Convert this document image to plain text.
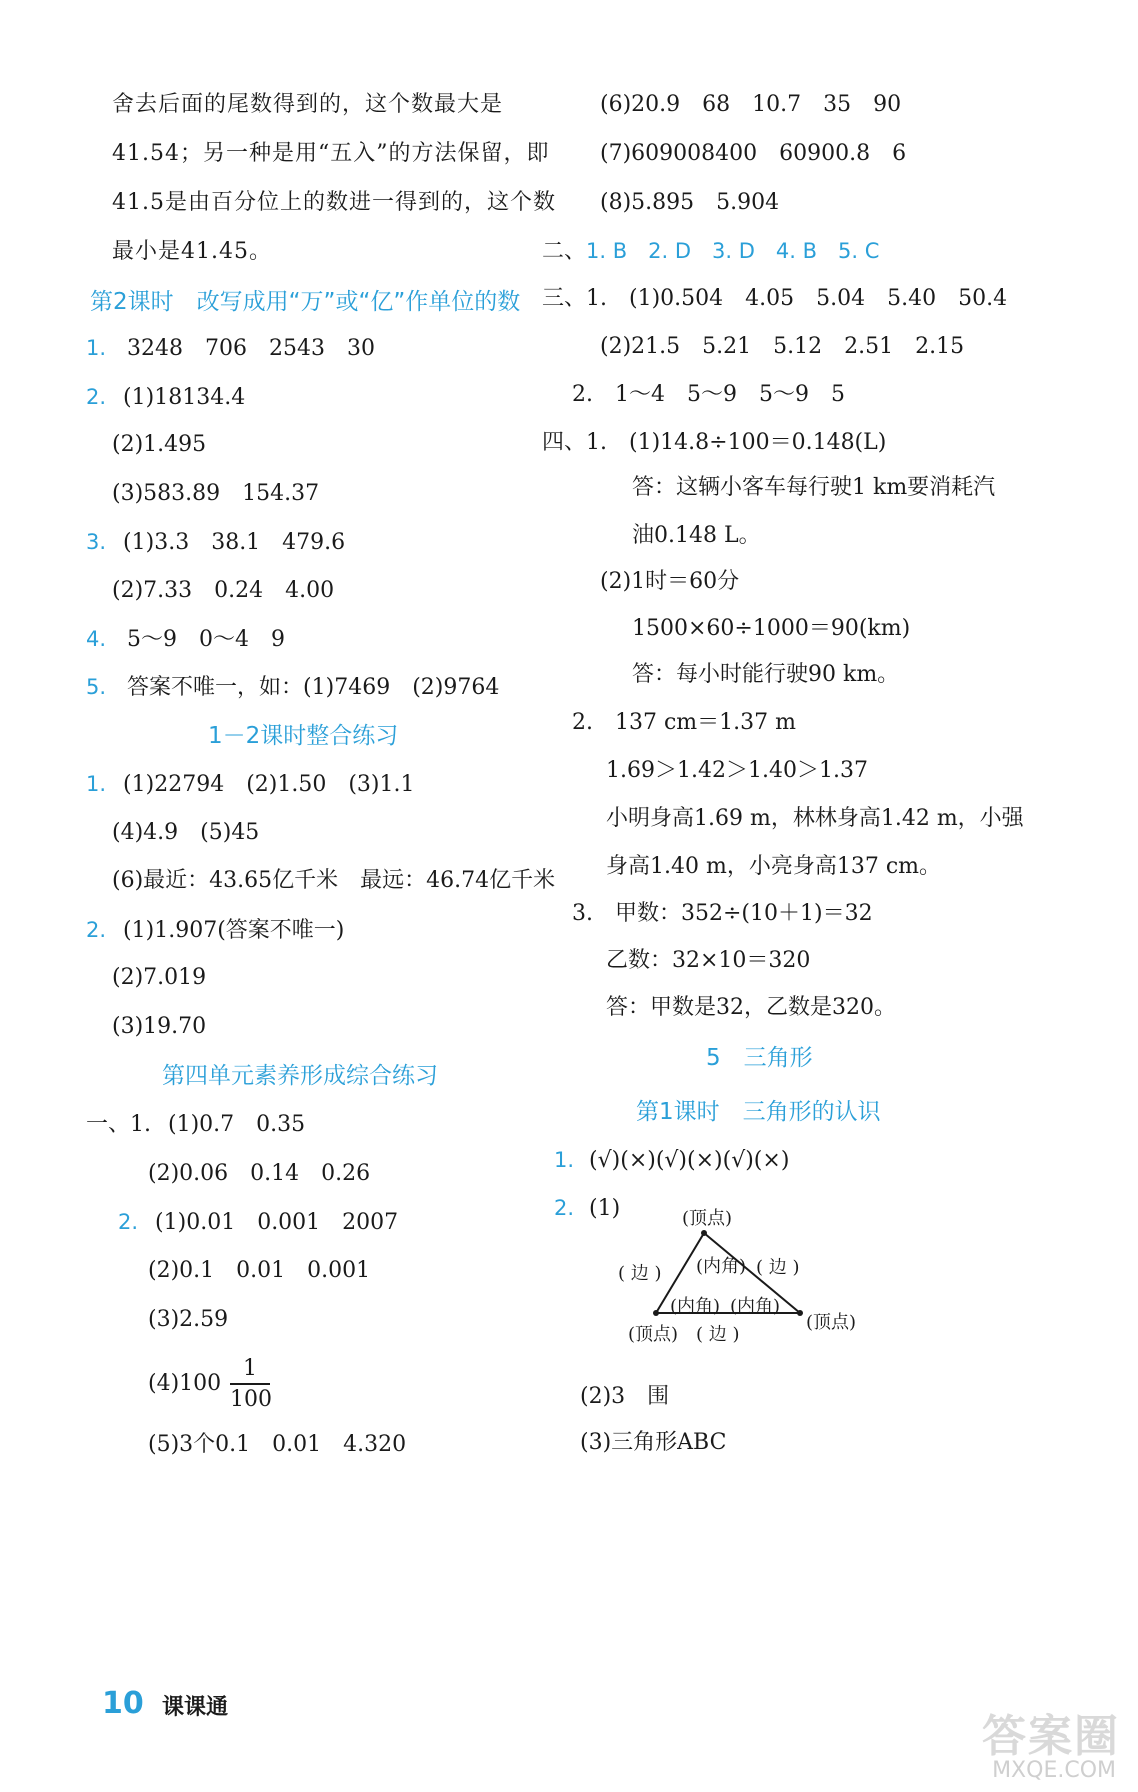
舍去后面的尾数得到的，这个数最大是
41.54；另一种是用“五入”的方法保留，即
41.5是由百分位上的数进一得到的，这个数
最小是41.45。
第2课时　改写成用“万”或“亿”作单位的数
1. 3248　706　2543　30
2. (1)18134.4
(2)1.495
(3)583.89　154.37
3. (1)3.3　38.1　479.6
(2)7.33　0.24　4.00
4. 5～9　0～4　9
5. 答案不唯一，如：(1)7469　(2)9764
1－2课时整合练习
1. (1)22794　(2)1.50　(3)1.1
(4)4.9　(5)45
(6)最近：43.65亿千米　最远：46.74亿千米
2. (1)1.907(答案不唯一)
(2)7.019
(3)19.70
第四单元素养形成综合练习
一、1. (1)0.7　0.35
(2)0.06　0.14　0.26
2. (1)0.01　0.001　2007
(2)0.1　0.01　0.001
(3)2.59
(4)100
1
100
(5)3个0.1　0.01　4.320
(6)20.9　68　10.7　35　90
(7)609008400　60900.8　6
(8)5.895　5.904
二、1. B　2. D　3. D　4. B　5. C
三、1.　(1)0.504　4.05　5.04　5.40　50.4
(2)21.5　5.21　5.12　2.51　2.15
2.　1～4　5～9　5～9　5
四、1.　(1)14.8÷100＝0.148(L)
答：这辆小客车每行驶1 km要消耗汽
油0.148 L。
(2)1时＝60分
1500×60÷1000＝90(km)
答：每小时能行驶90 km。
2.　137 cm＝1.37 m
1.69＞1.42＞1.40＞1.37
小明身高1.69 m，林林身高1.42 m，小强
身高1.40 m，小亮身高137 cm。
3.　甲数：352÷(10＋1)＝32
乙数：32×10＝320
答：甲数是32，乙数是320。
5　三角形
第1课时　三角形的认识
1. (√)(×)(√)(×)(√)(×)
2. (1)	(顶点)
( 边 ) (内角) ( 边 )
(内角) (内角)
(顶点)
(顶点) ( 边 )
(2)3　围
(3)三角形ABC
10 课课通
答案圈
MXQE.COM
